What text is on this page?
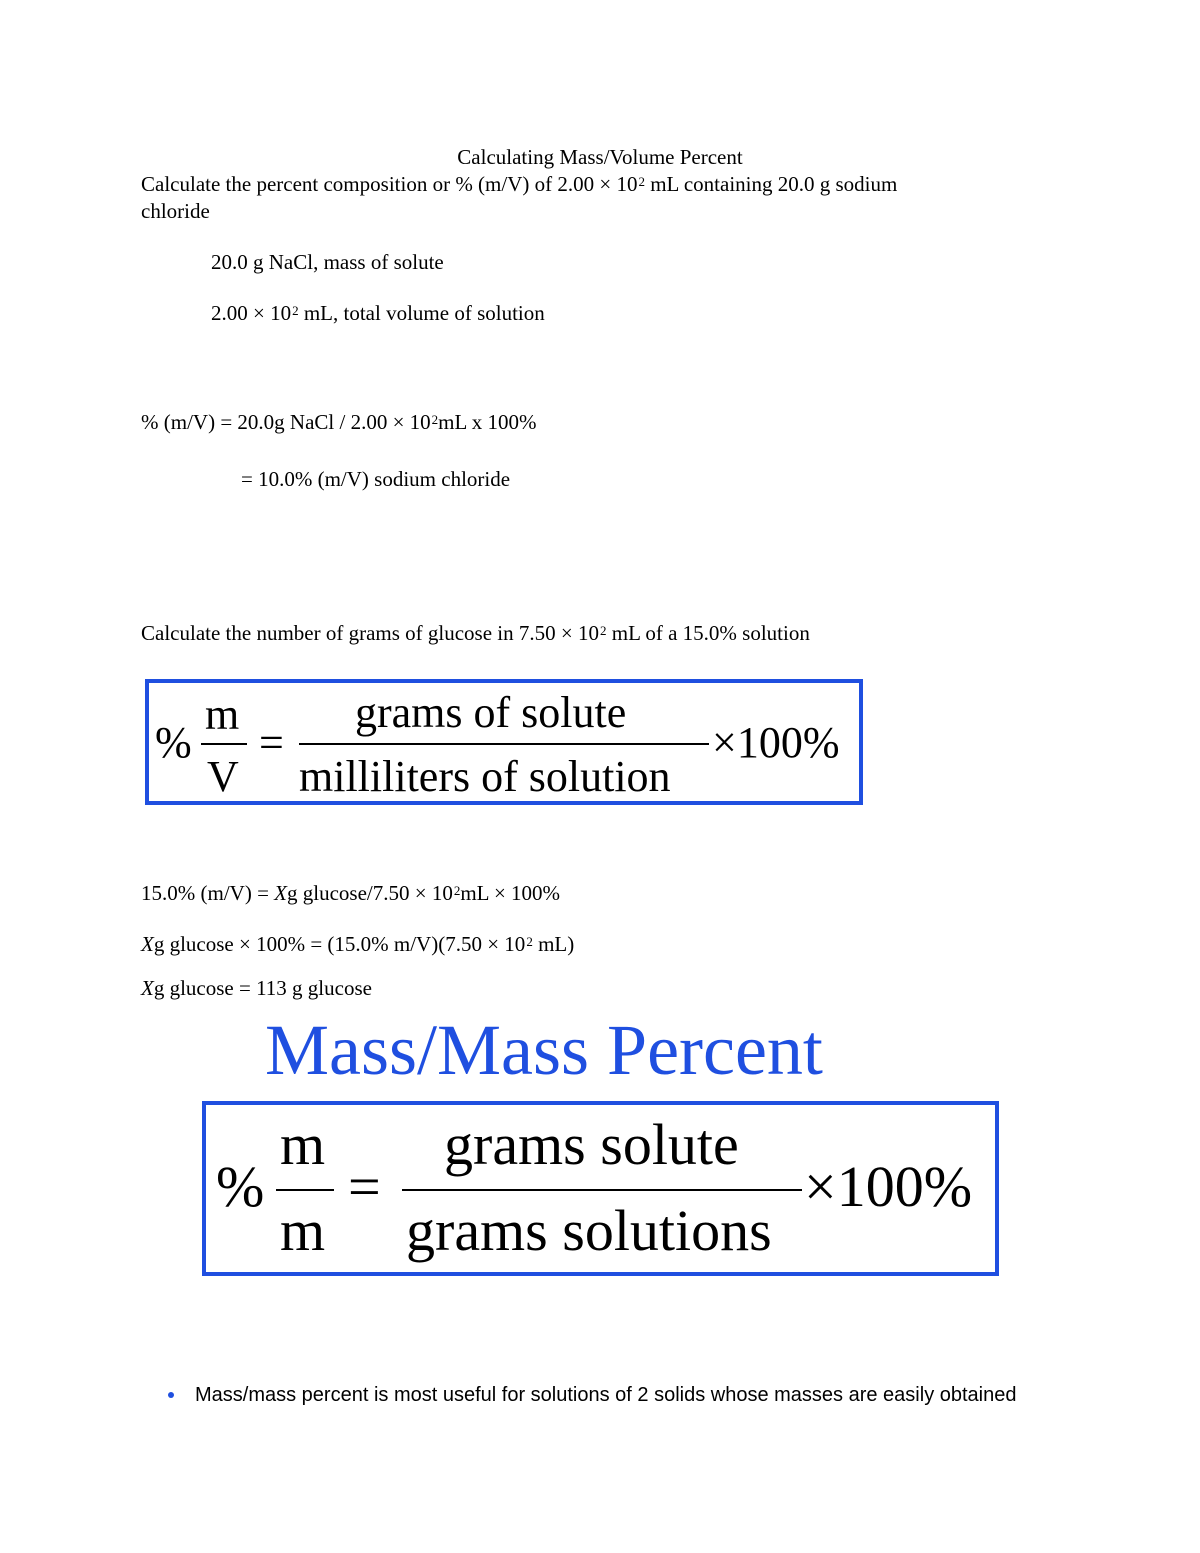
Calculating Mass/Volume Percent
Calculate the percent composition or % (m/V) of $2.00 \times 10^2$ mL containing 20.0 g sodium
chloride
20.0 g NaCl, mass of solute
$2.00 \times 10^2$ mL, total volume of solution
% (m/V) = 20.0g NaCl / $2.00 \times 10^2mL$ x 100%
= 10.0% (m/V) sodium chloride
Calculate the number of grams of glucose in $7.50 \times 10^2$ mL of a 15.0% solution
%
m
V
=
grams of solute
milliliters of solution
×100%
15.0% (m/V) = Xg $glucose/7.50 \times 10^2mL \times 100\%$
Xg glucose × 100% = (15.0% $m/V)(7.50 \times 10^2$ mL)
Xg glucose = 113 g glucose
Mass/Mass Percent
%
m
m
=
grams solute
grams solutions
×100%
Mass/mass percent is most useful for solutions of 2 solids whose masses are easily obtained
